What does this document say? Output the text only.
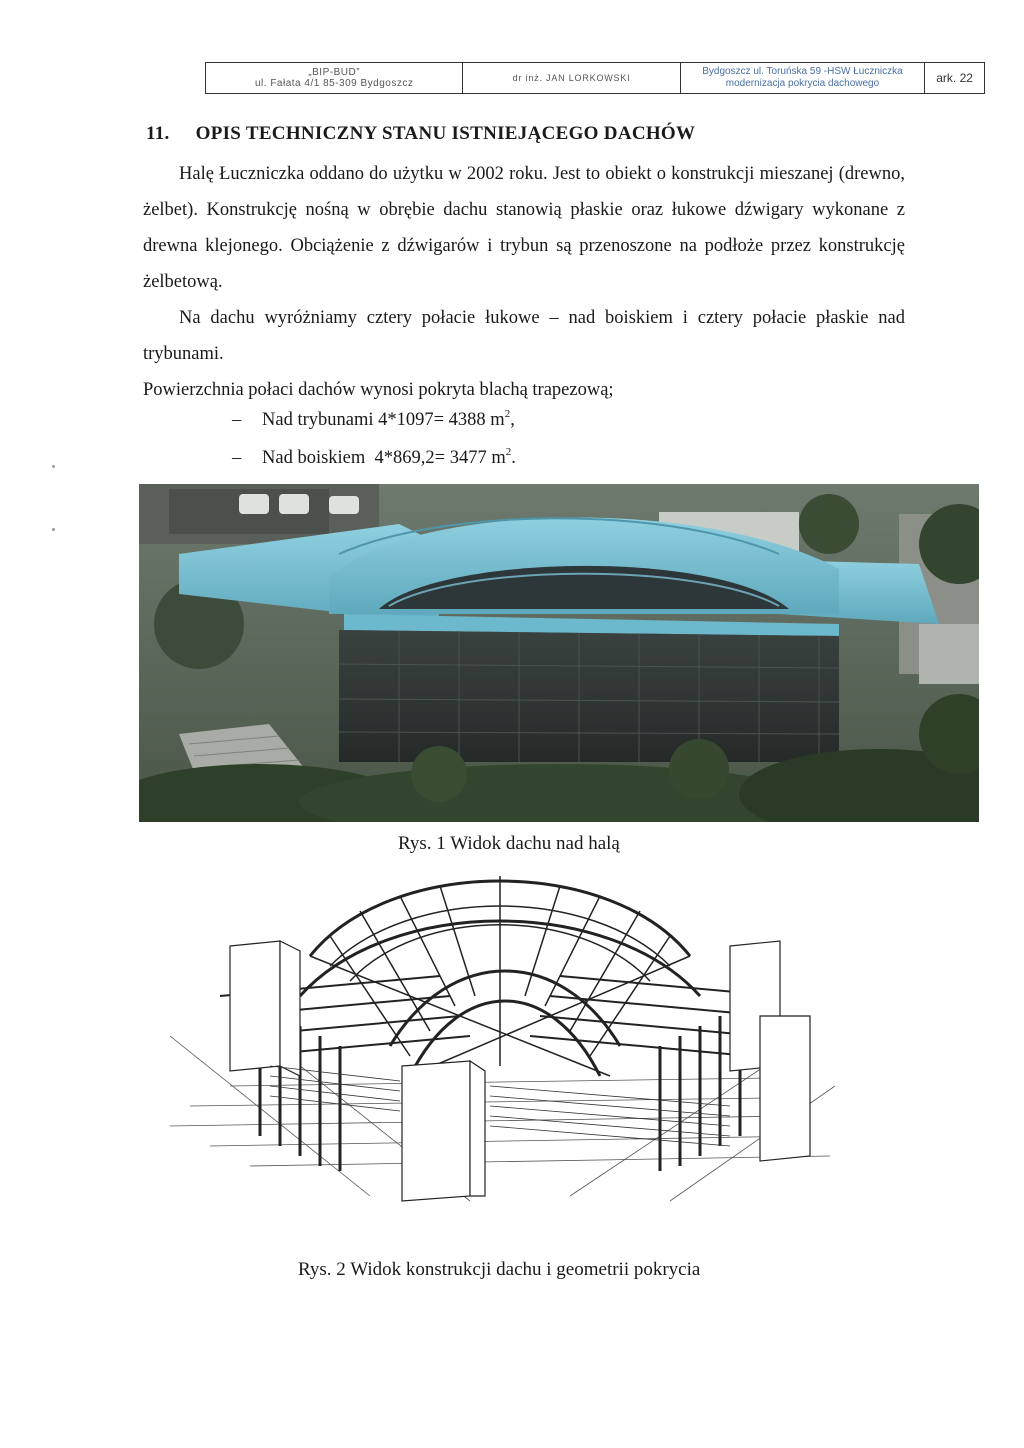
„BIP-BUD”
ul. Fałata 4/1 85-309 Bydgoszcz	dr inż. JAN LORKOWSKI
Bydgoszcz ul. Toruńska 59 -HSW Łuczniczka
modernizacja pokrycia dachowego	ark. 22
11. OPIS TECHNICZNY STANU ISTNIEJĄCEGO DACHÓW
Halę Łuczniczka oddano do użytku w 2002 roku. Jest to obiekt o konstrukcji mieszanej (drewno, żelbet). Konstrukcję nośną w obrębie dachu stanowią płaskie oraz łukowe dźwigary wykonane z drewna klejonego. Obciążenie z dźwigarów i trybun są przenoszone na podłoże przez konstrukcję żelbetową.
Na dachu wyróżniamy cztery połacie łukowe – nad boiskiem i cztery połacie płaskie nad trybunami.
Powierzchnia połaci dachów wynosi pokryta blachą trapezową;
– Nad trybunami 4*1097= 4388 $m^2$,
– Nad boiskiem  4*869,2= 3477 $m^2$.
Rys. 1 Widok dachu nad halą
Rys. 2 Widok konstrukcji dachu i geometrii pokrycia
